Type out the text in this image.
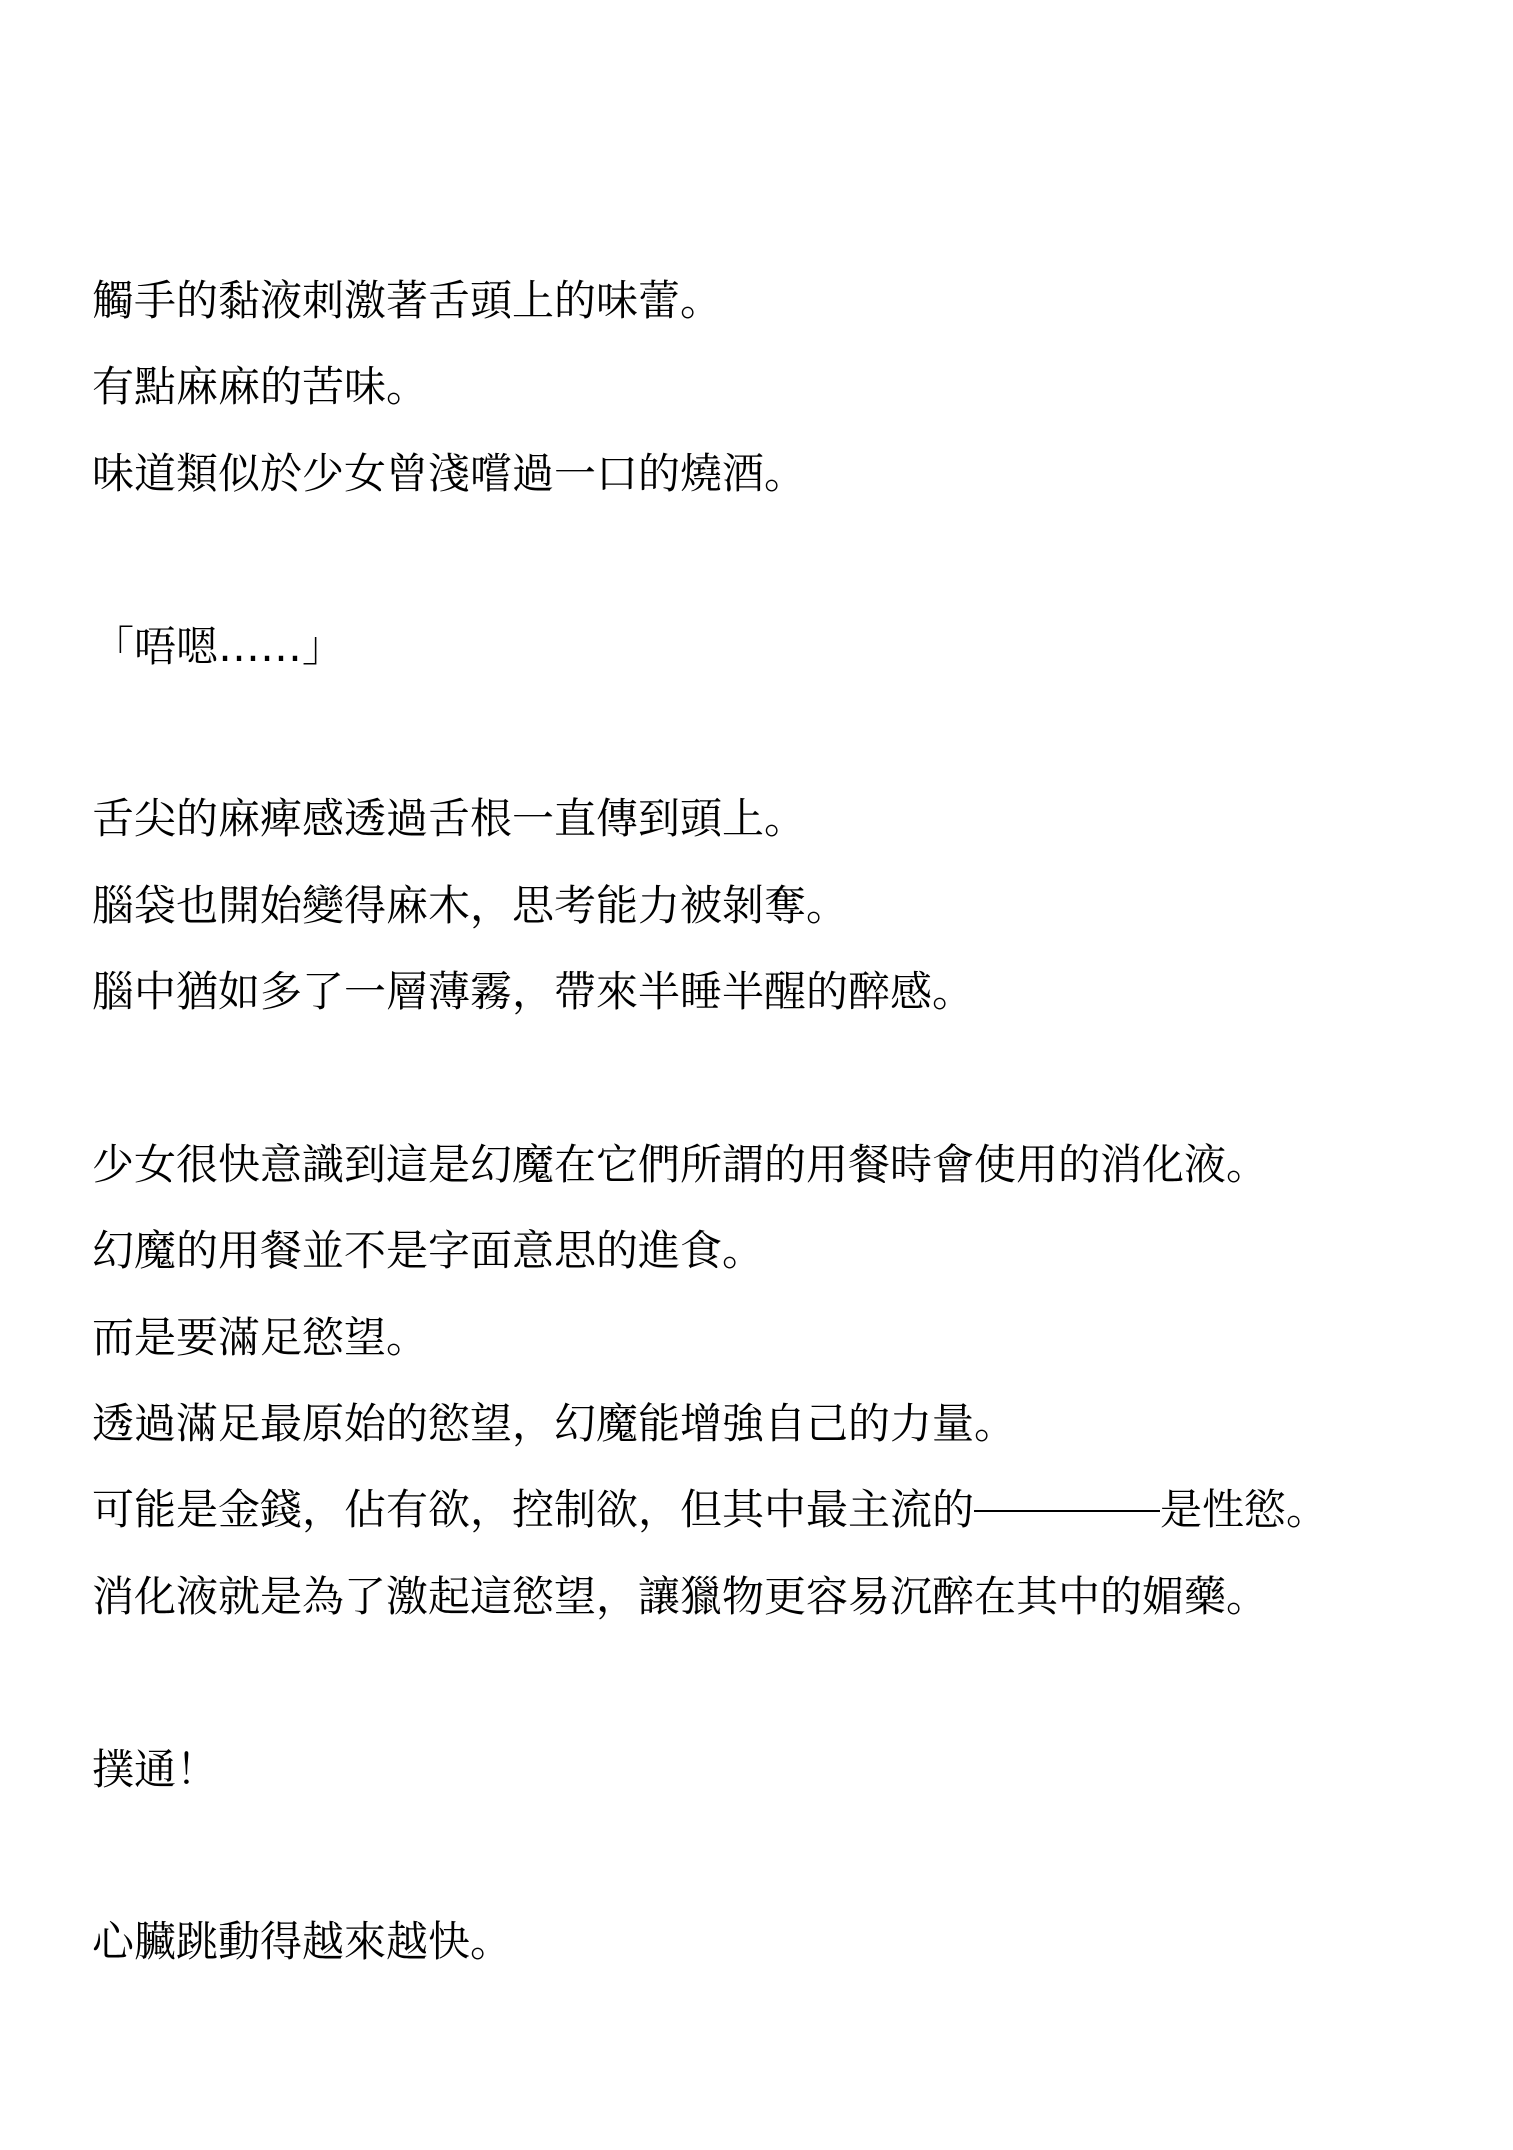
觸手的黏液刺激著舌頭上的味蕾。

有點麻麻的苦味。

味道類似於少女曾淺嚐過一口的燒酒。

「唔嗯……」

舌尖的麻痺感透過舌根一直傳到頭上。

腦袋也開始變得麻木，思考能力被剝奪。

腦中猶如多了一層薄霧，帶來半睡半醒的醉感。

少女很快意識到這是幻魔在它們所謂的用餐時會使用的消化液。

幻魔的用餐並不是字面意思的進食。

而是要滿足慾望。

透過滿足最原始的慾望，幻魔能增強自己的力量。

可能是金錢，佔有欲，控制欲，但其中最主流的	是性慾。

消化液就是為了激起這慾望，讓獵物更容易沉醉在其中的媚藥。

撲通！

心臟跳動得越來越快。
